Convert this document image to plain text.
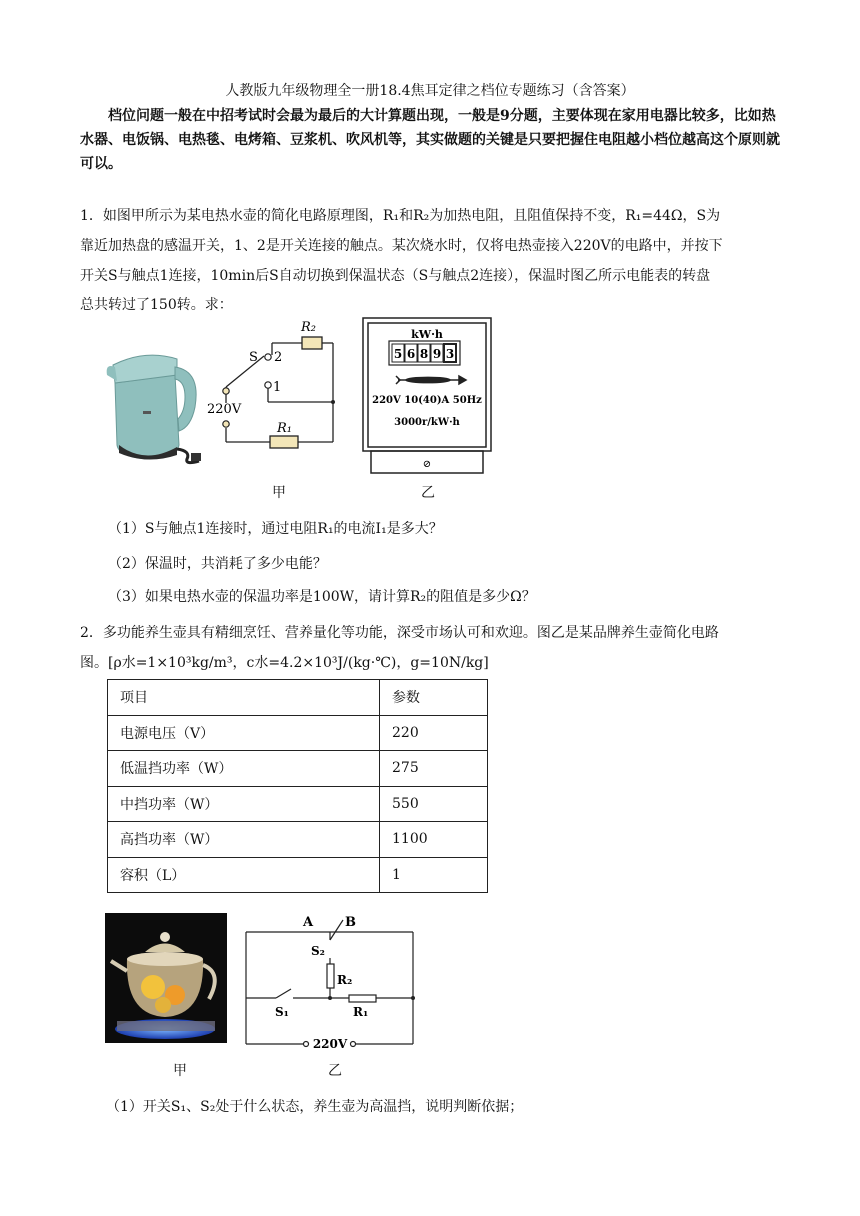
人教版九年级物理全一册18.4焦耳定律之档位专题练习（含答案）
档位问题一般在中招考试时会最为最后的大计算题出现，一般是9分题，主要体现在家用电器比较多，比如热水器、电饭锅、电热毯、电烤箱、豆浆机、吹风机等，其实做题的关键是只要把握住电阻越小档位越高这个原则就可以。
1．如图甲所示为某电热水壶的简化电路原理图，R₁和R₂为加热电阻，且阻值保持不变，R₁=44Ω，S为
靠近加热盘的感温开关，1、2是开关连接的触点。某次烧水时，仅将电热壶接入220V的电路中，并按下
开关S与触点1连接，10min后S自动切换到保温状态（S与触点2连接），保温时图乙所示电能表的转盘
总共转过了150转。求：
R₂
S 2
1
220V
R₁
kW·h
5 6 8 9 3
220V 10(40)A 50Hz
3000r/kW·h
⊘
甲	乙
（1）S与触点1连接时，通过电阻R₁的电流I₁是多大？
（2）保温时，共消耗了多少电能？
（3）如果电热水壶的保温功率是100W，请计算R₂的阻值是多少Ω？
2．多功能养生壶具有精细烹饪、营养量化等功能，深受市场认可和欢迎。图乙是某品牌养生壶简化电路
图。[ρ水=1×10³kg/m³，c水=4.2×10³J/(kg·℃)，g=10N/kg]
项目	参数
电源电压（V）	220
低温挡功率（W）	275
中挡功率（W）	550
高挡功率（W）	1100
容积（L）	1
A B
S₂
R₂
S₁	R₁
220V
甲	乙
（1）开关S₁、S₂处于什么状态，养生壶为高温挡，说明判断依据；
